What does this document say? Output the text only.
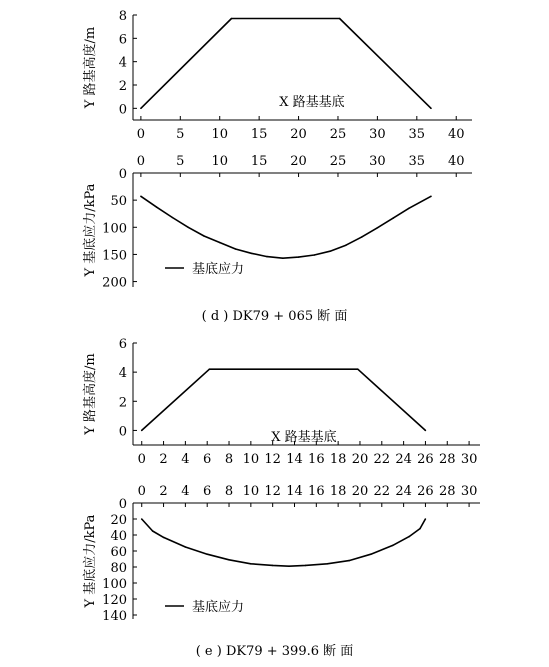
0
2
4
6
8
0 5 10 15 20 25 30 35 40
Y 路基高度/m	X 路基基底
0
50
100
150
200
0 5 10 15 20 25 30 35 40
Y 基底应力/kPa	基底应力
0
2
4
6
0 2 4 6 8 10 12 14 16 18 20 22 24 26 28 30
Y 路基高度/m
X 路基基底
0
20
40
60
80
100
120
140
0 2 4 6 8 10 12 14 16 18 20 22 24 26 28 30
Y 基底应力/kPa
基底应力
( d ) DK79 + 065 断 面
( e ) DK79 + 399.6 断 面
